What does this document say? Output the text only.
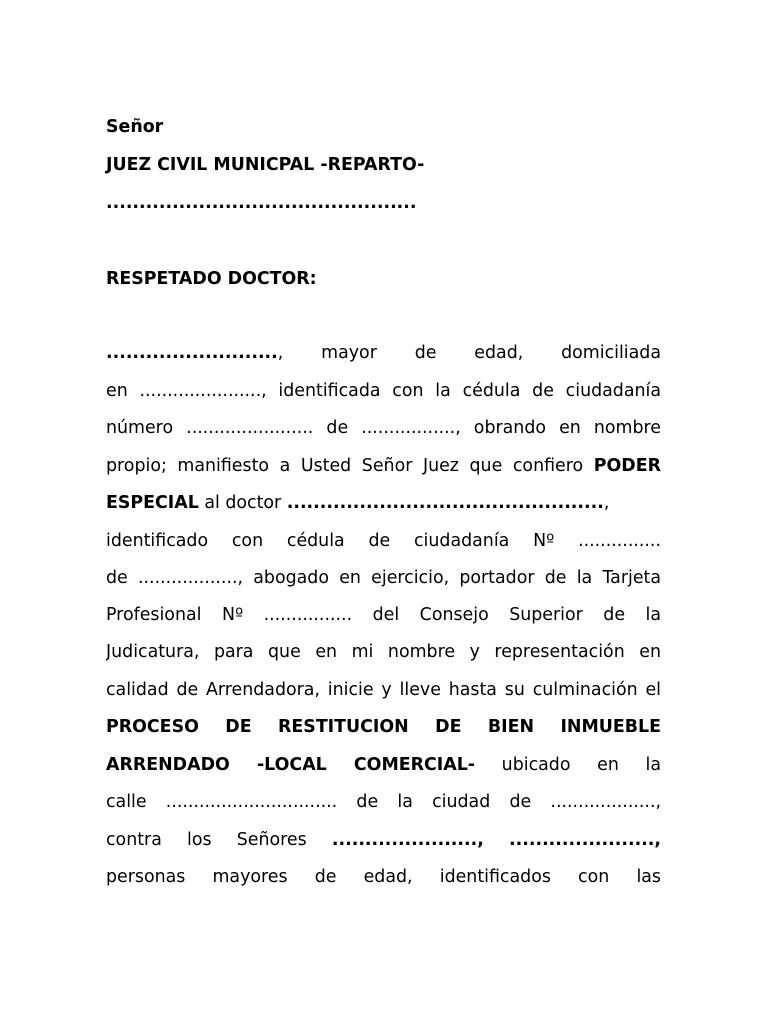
Señor
JUEZ CIVIL MUNICPAL -REPARTO-
...............................................
RESPETADO DOCTOR:
.........................., mayor de edad, domiciliada
en ......................, identificada con la cédula de ciudadanía
número ....................... de ................., obrando en nombre
propio; manifiesto a Usted Señor Juez que confiero PODER
ESPECIAL al doctor ................................................,
identificado con cédula de ciudadanía Nº ...............
de .................., abogado en ejercicio, portador de la Tarjeta
Profesional Nº ................ del Consejo Superior de la
Judicatura, para que en mi nombre y representación en
calidad de Arrendadora, inicie y lleve hasta su culminación el
PROCESO DE RESTITUCION DE BIEN INMUEBLE
ARRENDADO -LOCAL COMERCIAL- ubicado en la
calle ............................... de la ciudad de ...................,
contra los Señores ......................, ......................,
personas mayores de edad, identificados con las
